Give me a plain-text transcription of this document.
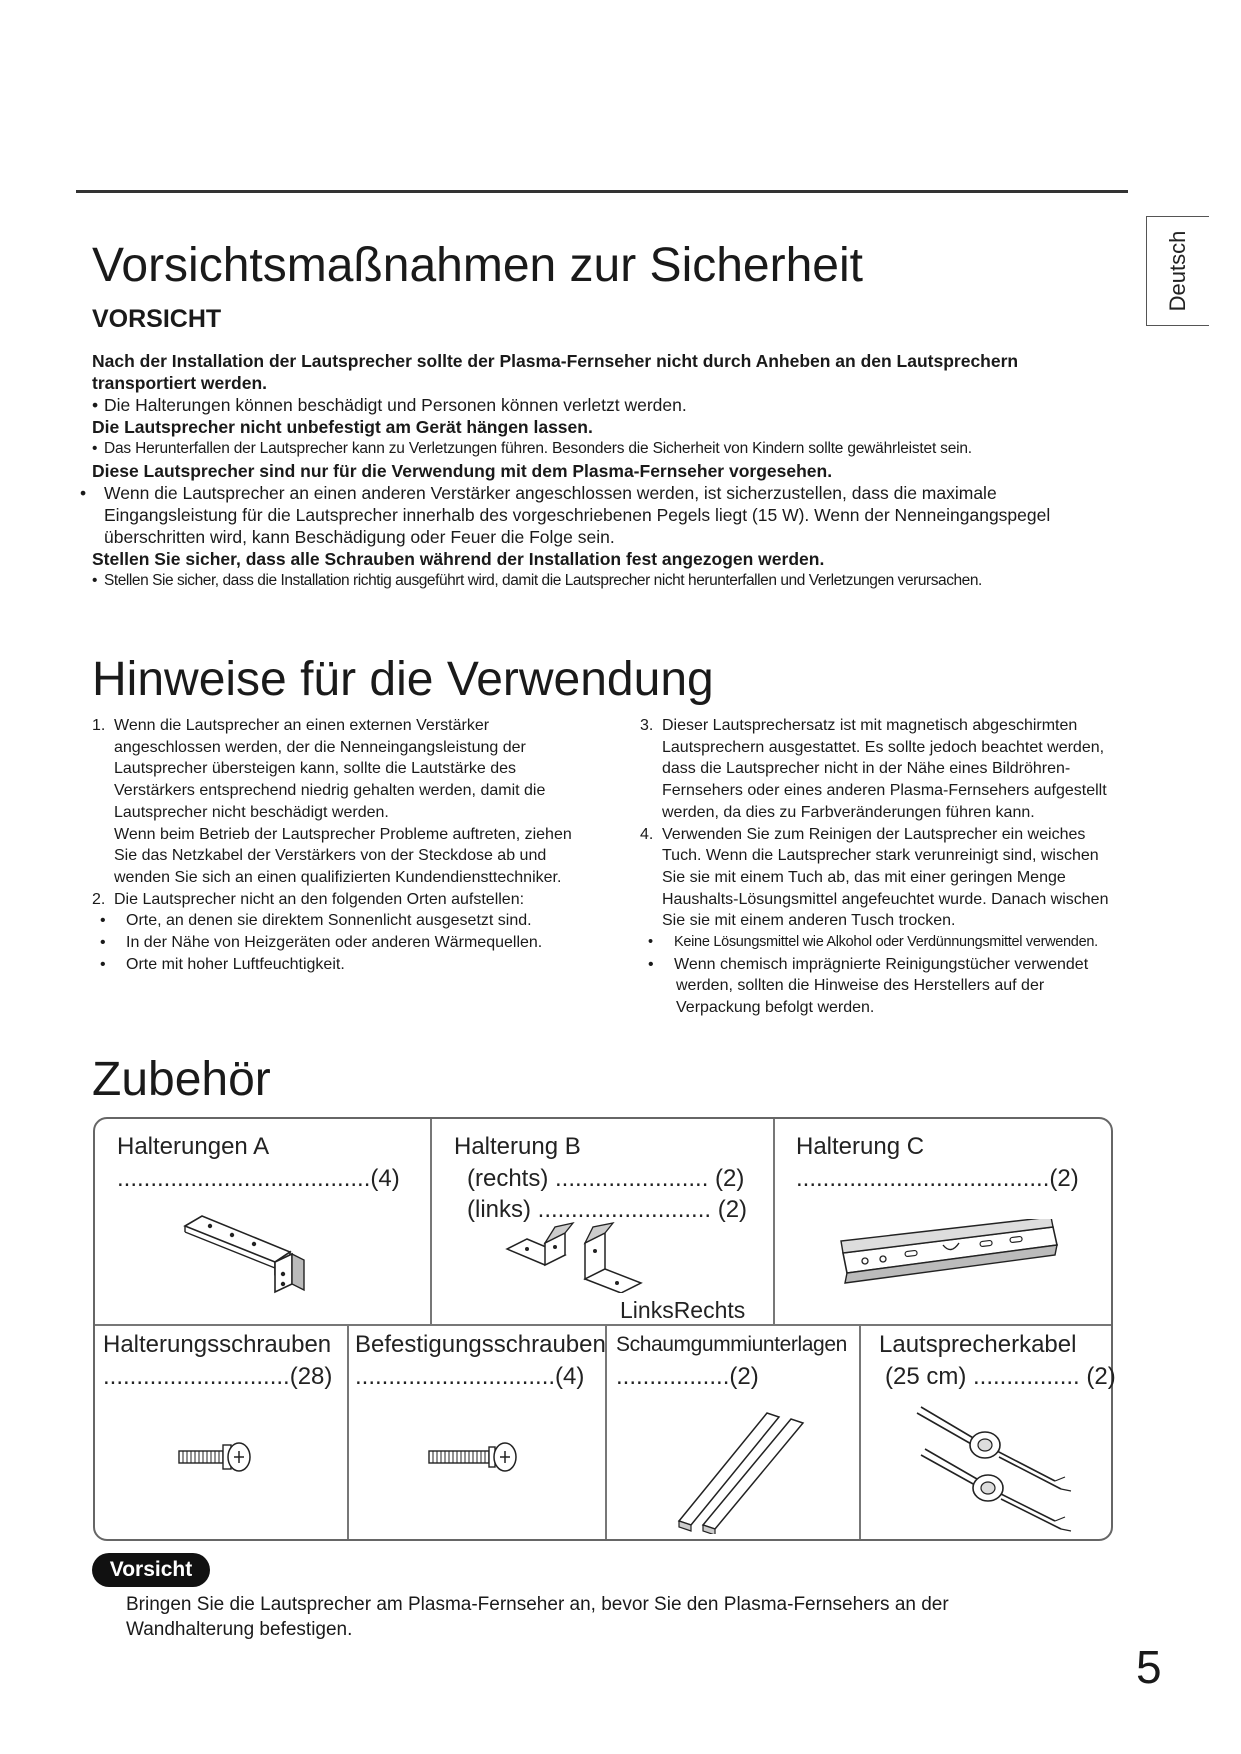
Deutsch
Vorsichtsmaßnahmen zur Sicherheit
VORSICHT

Nach der Installation der Lautsprecher sollte der Plasma-Fernseher nicht durch Anheben an den Lautsprechern transportiert werden.

• Die Halterungen können beschädigt und Personen können verletzt werden.

Die Lautsprecher nicht unbefestigt am Gerät hängen lassen.

• Das Herunterfallen der Lautsprecher kann zu Verletzungen führen. Besonders die Sicherheit von Kindern sollte gewährleistet sein.

Diese Lautsprecher sind nur für die Verwendung mit dem Plasma-Fernseher vorgesehen.

• Wenn die Lautsprecher an einen anderen Verstärker angeschlossen werden, ist sicherzustellen, dass die maximale Eingangsleistung für die Lautsprecher innerhalb des vorgeschriebenen Pegels liegt (15 W). Wenn der Nenneingangspegel überschritten wird, kann Beschädigung oder Feuer die Folge sein.

Stellen Sie sicher, dass alle Schrauben während der Installation fest angezogen werden.

• Stellen Sie sicher, dass die Installation richtig ausgeführt wird, damit die Lautsprecher nicht herunterfallen und Verletzungen verursachen.

Hinweise für die Verwendung

1. Wenn die Lautsprecher an einen externen Verstärker angeschlossen werden, der die Nenneingangsleistung der Lautsprecher übersteigen kann, sollte die Lautstärke des Verstärkers entsprechend niedrig gehalten werden, damit die Lautsprecher nicht beschädigt werden.

Wenn beim Betrieb der Lautsprecher Probleme auftreten, ziehen Sie das Netzkabel der Verstärkers von der Steckdose ab und wenden Sie sich an einen qualifizierten Kundendiensttechniker.

2. Die Lautsprecher nicht an den folgenden Orten aufstellen:

• Orte, an denen sie direktem Sonnenlicht ausgesetzt sind.

• In der Nähe von Heizgeräten oder anderen Wärmequellen.

• Orte mit hoher Luftfeuchtigkeit.

3. Dieser Lautsprechersatz ist mit magnetisch abgeschirmten Lautsprechern ausgestattet. Es sollte jedoch beachtet werden, dass die Lautsprecher nicht in der Nähe eines Bildröhren-Fernsehers oder eines anderen Plasma-Fernsehers aufgestellt werden, da dies zu Farbveränderungen führen kann.

4. Verwenden Sie zum Reinigen der Lautsprecher ein weiches Tuch. Wenn die Lautsprecher stark verunreinigt sind, wischen Sie sie mit einem Tuch ab, das mit einer geringen Menge Haushalts-Lösungsmittel angefeuchtet wurde. Danach wischen Sie sie mit einem anderen Tusch trocken.

• Keine Lösungsmittel wie Alkohol oder Verdünnungsmittel verwenden.

• Wenn chemisch imprägnierte Reinigungstücher verwendet werden, sollten die Hinweise des Herstellers auf der Verpackung befolgt werden.

Zubehör
Halterungen A
......................................(4)
Halterung B
(rechts) ....................... (2)
(links) .......................... (2)
LinksRechts
Halterung C
......................................(2)
Halterungsschrauben
............................(28)
Befestigungsschrauben
..............................(4)
Schaumgummiunterlagen
.................(2)
Lautsprecherkabel
(25 cm) ................ (2)
Vorsicht
Bringen Sie die Lautsprecher am Plasma-Fernseher an, bevor Sie den Plasma-Fernsehers an der Wandhalterung befestigen.
5
